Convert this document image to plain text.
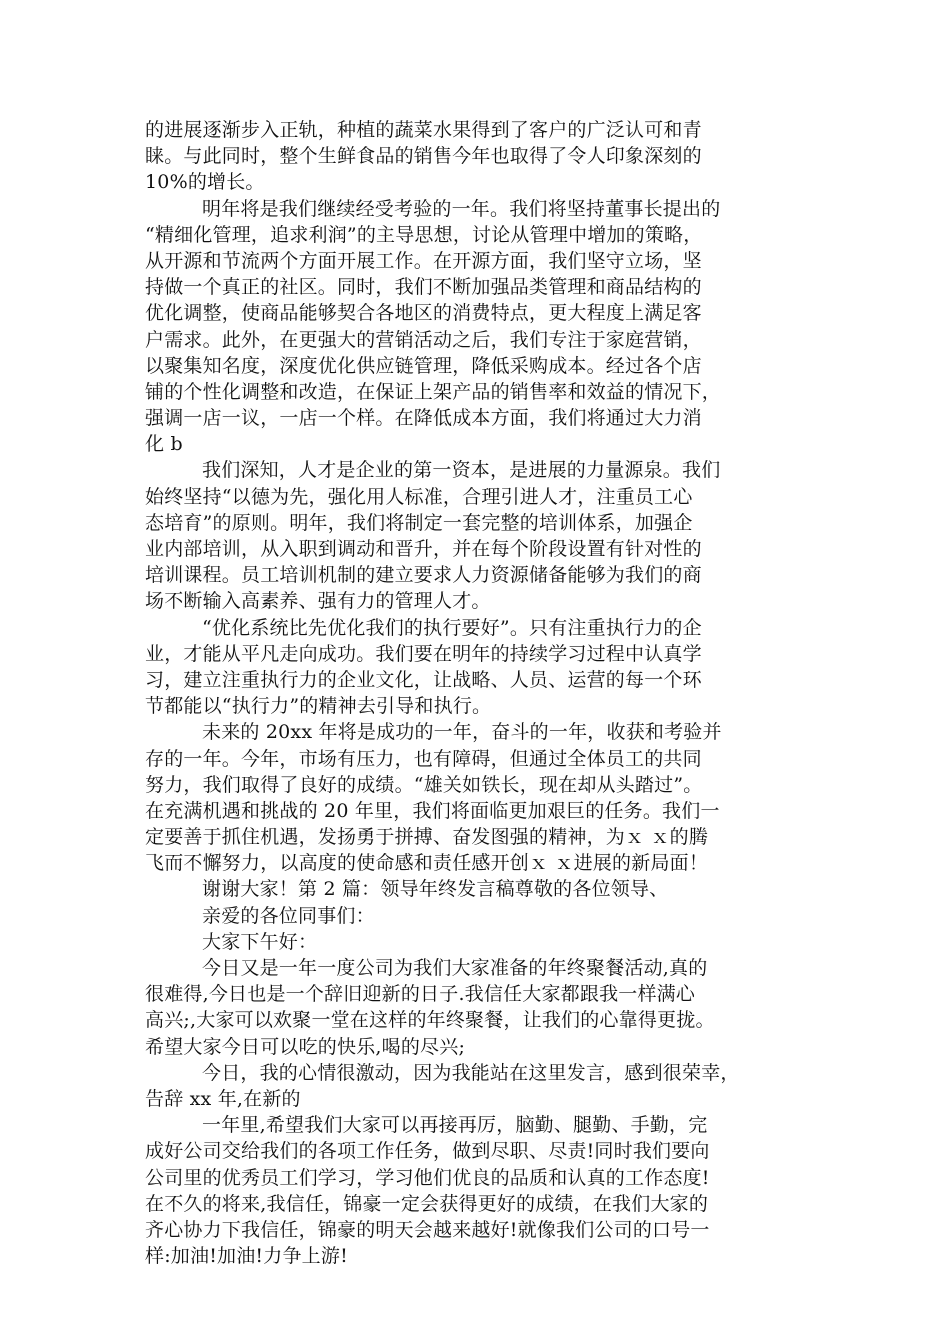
的进展逐渐步入正轨，种植的蔬菜水果得到了客户的广泛认可和青
睐。与此同时，整个生鲜食品的销售今年也取得了令人印象深刻的
10%的增长。
明年将是我们继续经受考验的一年。我们将坚持董事长提出的
“精细化管理，追求利润”的主导思想，讨论从管理中增加的策略，
从开源和节流两个方面开展工作。在开源方面，我们坚守立场，坚
持做一个真正的社区。同时，我们不断加强品类管理和商品结构的
优化调整，使商品能够契合各地区的消费特点，更大程度上满足客
户需求。此外，在更强大的营销活动之后，我们专注于家庭营销，
以聚集知名度，深度优化供应链管理，降低采购成本。经过各个店
铺的个性化调整和改造，在保证上架产品的销售率和效益的情况下，
强调一店一议，一店一个样。在降低成本方面，我们将通过大力消
化 b
我们深知，人才是企业的第一资本，是进展的力量源泉。我们
始终坚持“以德为先，强化用人标准，合理引进人才，注重员工心
态培育”的原则。明年，我们将制定一套完整的培训体系，加强企
业内部培训，从入职到调动和晋升，并在每个阶段设置有针对性的
培训课程。员工培训机制的建立要求人力资源储备能够为我们的商
场不断输入高素养、强有力的管理人才。
“优化系统比先优化我们的执行要好”。只有注重执行力的企
业，才能从平凡走向成功。我们要在明年的持续学习过程中认真学
习，建立注重执行力的企业文化，让战略、人员、运营的每一个环
节都能以“执行力”的精神去引导和执行。
未来的 20xx 年将是成功的一年，奋斗的一年，收获和考验并
存的一年。今年，市场有压力，也有障碍，但通过全体员工的共同
努力，我们取得了良好的成绩。“雄关如铁长，现在却从头踏过”。
在充满机遇和挑战的 20 年里，我们将面临更加艰巨的任务。我们一
定要善于抓住机遇，发扬勇于拼搏、奋发图强的精神，为ｘ ｘ的腾
飞而不懈努力，以高度的使命感和责任感开创ｘ ｘ进展的新局面！
谢谢大家！第 2 篇：领导年终发言稿尊敬的各位领导、
亲爱的各位同事们：
大家下午好：
今日又是一年一度公司为我们大家准备的年终聚餐活动,真的
很难得,今日也是一个辞旧迎新的日子.我信任大家都跟我一样满心
高兴;,大家可以欢聚一堂在这样的年终聚餐，让我们的心靠得更拢。
希望大家今日可以吃的快乐,喝的尽兴;
今日，我的心情很激动，因为我能站在这里发言，感到很荣幸，
告辞 xx 年,在新的
一年里,希望我们大家可以再接再厉，脑勤、腿勤、手勤，完
成好公司交给我们的各项工作任务，做到尽职、尽责!同时我们要向
公司里的优秀员工们学习，学习他们优良的品质和认真的工作态度!
在不久的将来,我信任，锦豪一定会获得更好的成绩，在我们大家的
齐心协力下我信任，锦豪的明天会越来越好!就像我们公司的口号一
样:加油!加油!力争上游!
